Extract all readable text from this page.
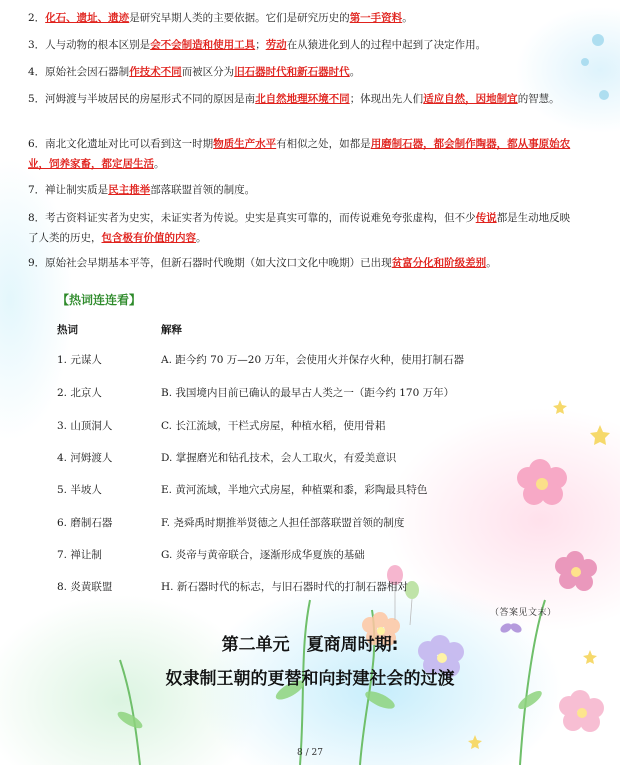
2．化石、遗址、遗迹是研究早期人类的主要依据。它们是研究历史的第一手资料。
3．人与动物的根本区别是会不会制造和使用工具；劳动在从猿进化到人的过程中起到了决定作用。
4．原始社会因石器制作技术不同而被区分为旧石器时代和新石器时代。
5．河姆渡与半坡居民的房屋形式不同的原因是南北自然地理环境不同；体现出先人们适应自然，因地制宜的智慧。
6．南北文化遗址对比可以看到这一时期物质生产水平有相似之处，如都是用磨制石器，都会制作陶器，都从事原始农业，饲养家畜，都定居生活。
7．禅让制实质是民主推举部落联盟首领的制度。
8．考古资料证实者为史实，未证实者为传说。史实是真实可靠的，而传说难免夸张虚构，但不少传说都是生动地反映了人类的历史，包含极有价值的内容。
9．原始社会早期基本平等，但新石器时代晚期（如大汶口文化中晚期）已出现贫富分化和阶级差别。
【热词连连看】
热词	解释
1. 元谋人	A. 距今约 70 万—20 万年，会使用火并保存火种，使用打制石器
2. 北京人	B. 我国境内目前已确认的最早古人类之一（距今约 170 万年）
3. 山顶洞人	C. 长江流域，干栏式房屋，种植水稻，使用骨耜
4. 河姆渡人	D. 掌握磨光和钻孔技术，会人工取火，有爱美意识
5. 半坡人	E. 黄河流域，半地穴式房屋，种植粟和黍，彩陶最具特色
6. 磨制石器	F. 尧舜禹时期推举贤德之人担任部落联盟首领的制度
7. 禅让制	G. 炎帝与黄帝联合，逐渐形成华夏族的基础
8. 炎黄联盟	H. 新石器时代的标志，与旧石器时代的打制石器相对
（答案见文末）
第二单元　夏商周时期:
奴隶制王朝的更替和向封建社会的过渡
8 / 27
